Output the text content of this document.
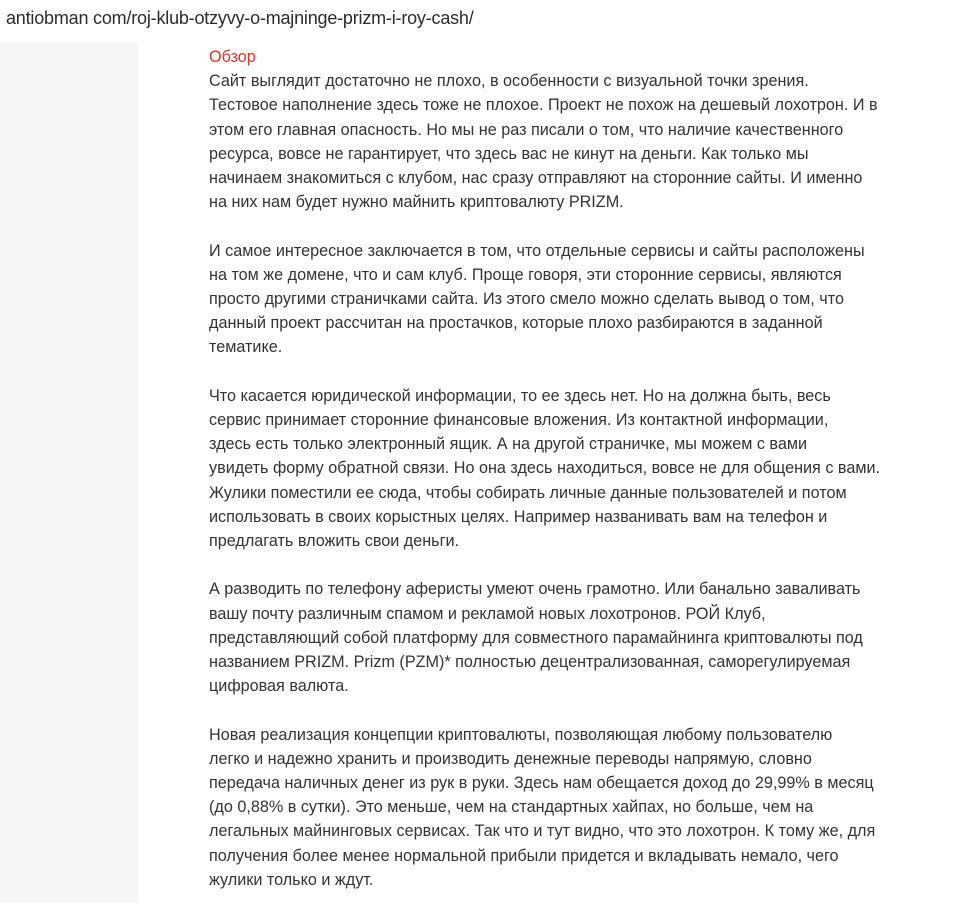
antiobman com/roj-klub-otzyvy-o-majninge-prizm-i-roy-cash/
Обзор

Сайт выглядит достаточно не плохо, в особенности с визуальной точки зрения.
Тестовое наполнение здесь тоже не плохое. Проект не похож на дешевый лохотрон. И в
этом его главная опасность. Но мы не раз писали о том, что наличие качественного
ресурса, вовсе не гарантирует, что здесь вас не кинут на деньги. Как только мы
начинаем знакомиться с клубом, нас сразу отправляют на сторонние сайты. И именно
на них нам будет нужно майнить криптовалюту PRIZM.

И самое интересное заключается в том, что отдельные сервисы и сайты расположены
на том же домене, что и сам клуб. Проще говоря, эти сторонние сервисы, являются
просто другими страничками сайта. Из этого смело можно сделать вывод о том, что
данный проект рассчитан на простачков, которые плохо разбираются в заданной
тематике.

Что касается юридической информации, то ее здесь нет. Но на должна быть, весь
сервис принимает сторонние финансовые вложения. Из контактной информации,
здесь есть только электронный ящик. А на другой страничке, мы можем с вами
увидеть форму обратной связи. Но она здесь находиться, вовсе не для общения с вами.
Жулики поместили ее сюда, чтобы собирать личные данные пользователей и потом
использовать в своих корыстных целях. Например названивать вам на телефон и
предлагать вложить свои деньги.

А разводить по телефону аферисты умеют очень грамотно. Или банально заваливать
вашу почту различным спамом и рекламой новых лохотронов. РОЙ Клуб,
представляющий собой платформу для совместного парамайнинга криптовалюты под
названием PRIZM. Prizm (PZM)* полностью децентрализованная, саморегулируемая
цифровая валюта.

Новая реализация концепции криптовалюты, позволяющая любому пользователю
легко и надежно хранить и производить денежные переводы напрямую, словно
передача наличных денег из рук в руки. Здесь нам обещается доход до 29,99% в месяц
(до 0,88% в сутки). Это меньше, чем на стандартных хайпах, но больше, чем на
легальных майнинговых сервисах. Так что и тут видно, что это лохотрон. К тому же, для
получения более менее нормальной прибыли придется и вкладывать немало, чего
жулики только и ждут.
